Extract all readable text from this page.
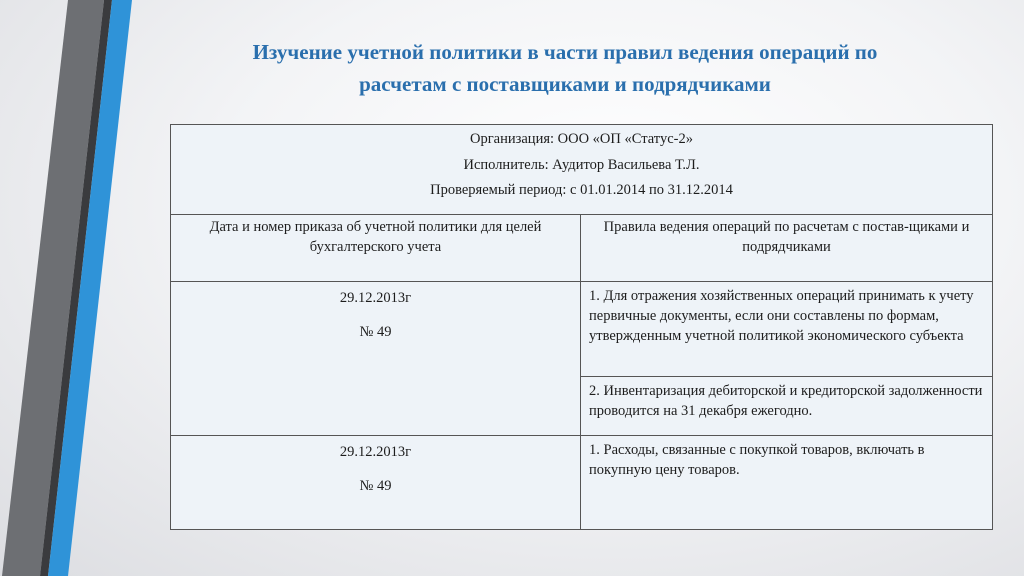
Изучение учетной политики в части правил ведения операций по
расчетам с поставщиками и подрядчиками
Организация: ООО «ОП «Статус-2»
Исполнитель: Аудитор Васильева Т.Л.
Проверяемый период: с 01.01.2014 по 31.12.2014	

Дата и номер приказа об учетной политики для целей бухгалтерского учета	Правила ведения операций по расчетам с постав-щиками и подрядчиками
29.12.2013г
№ 49	1. Для отражения хозяйственных операций принимать к учету первичные документы, если они составлены по формам, утвержденным учетной политикой экономического субъекта
	2. Инвентаризация дебиторской и кредиторской задолженности проводится на 31 декабря ежегодно.
29.12.2013г
№ 49	1. Расходы, связанные с покупкой товаров, включать в покупную цену товаров.
